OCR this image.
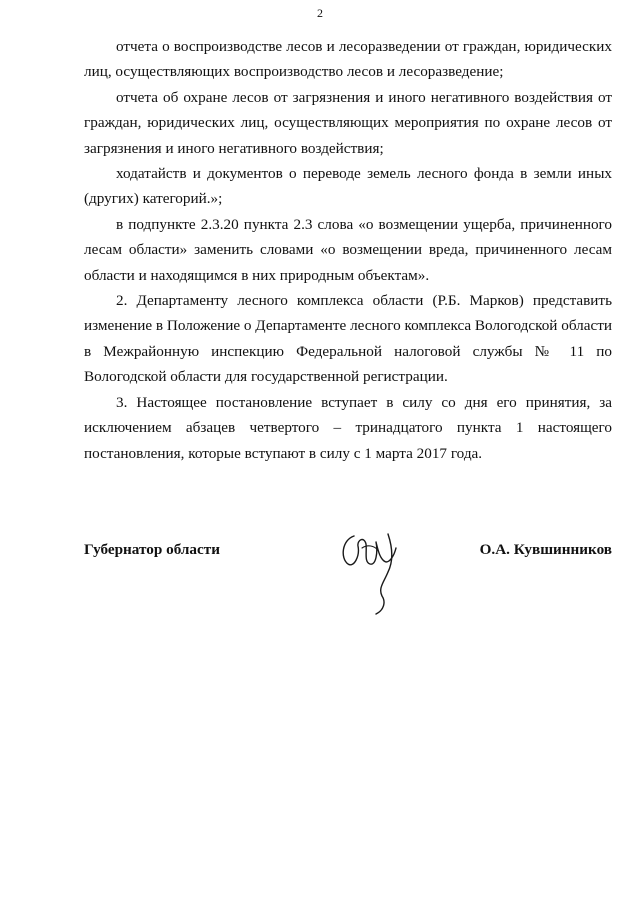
2

отчета о воспроизводстве лесов и лесоразведении от граждан, юридических лиц, осуществляющих воспроизводство лесов и лесоразведение;

отчета об охране лесов от загрязнения и иного негативного воздействия от граждан, юридических лиц, осуществляющих мероприятия по охране лесов от загрязнения и иного негативного воздействия;

ходатайств и документов о переводе земель лесного фонда в земли иных (других) категорий.»;

в подпункте 2.3.20 пункта 2.3 слова «о возмещении ущерба, причиненного лесам области» заменить словами «о возмещении вреда, причиненного лесам области и находящимся в них природным объектам».

2. Департаменту лесного комплекса области (Р.Б. Марков) представить изменение в Положение о Департаменте лесного комплекса Вологодской области в Межрайонную инспекцию Федеральной налоговой службы № 11 по Вологодской области для государственной регистрации.

3. Настоящее постановление вступает в силу со дня его принятия, за исключением абзацев четвертого – тринадцатого пункта 1 настоящего постановления, которые вступают в силу с 1 марта 2017 года.

Губернатор области	О.А. Кувшинников
